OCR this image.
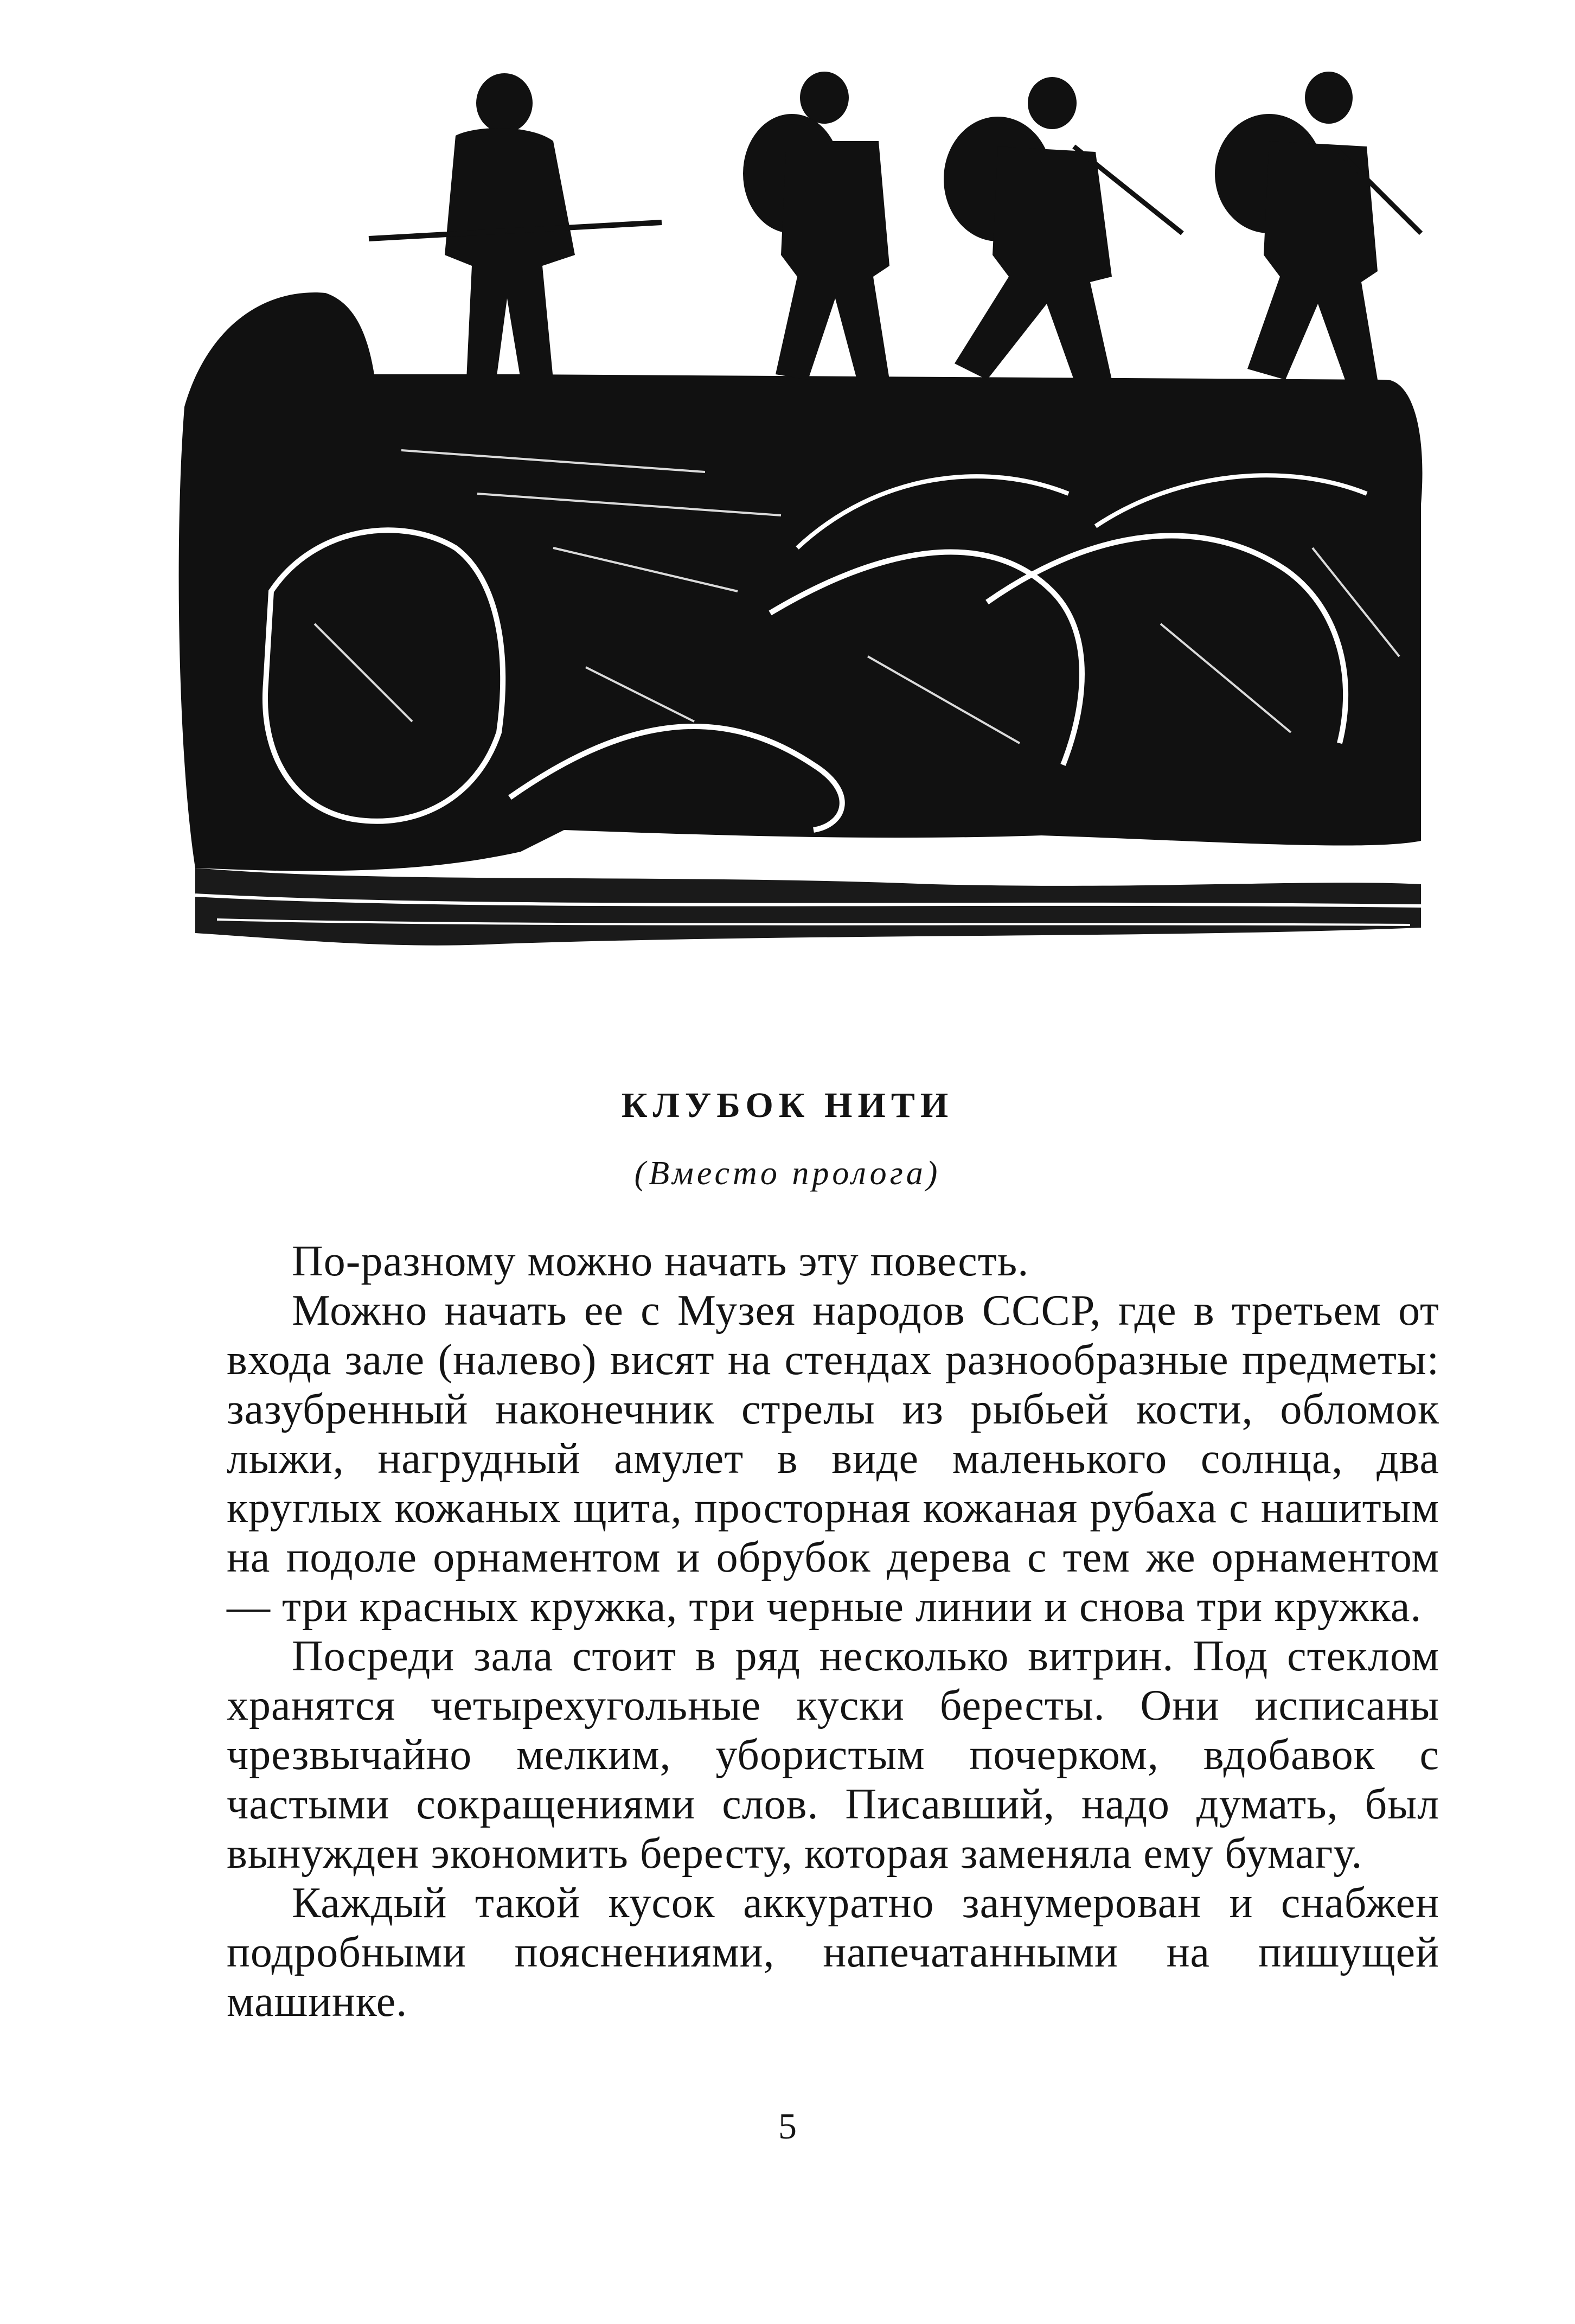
КЛУБОК НИТИ
(Вместо пролога)

По-разному можно начать эту повесть.

Можно начать ее с Музея народов СССР, где в третьем от входа зале (налево) висят на стендах разнообразные предметы: зазубренный наконечник стрелы из рыбьей кости, обломок лыжи, нагрудный амулет в виде маленького солнца, два круглых кожаных щита, просторная кожаная рубаха с нашитым на подоле орнаментом и обрубок дерева с тем же орнаментом — три красных кружка, три черные линии и снова три кружка.

Посреди зала стоит в ряд несколько витрин. Под стеклом хранятся четырехугольные куски бересты. Они исписаны чрезвычайно мелким, убористым почерком, вдобавок с частыми сокращениями слов. Писавший, надо думать, был вынужден экономить бересту, которая заменяла ему бумагу.

Каждый такой кусок аккуратно занумерован и снабжен подробными пояснениями, напечатанными на пишущей машинке.

5
